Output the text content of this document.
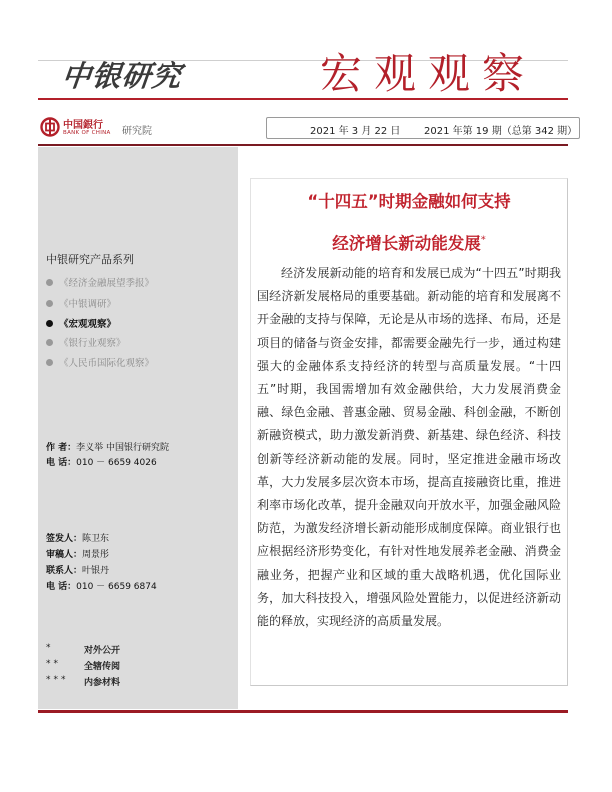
中银研究	宏观观察
中国銀行
BANK OF CHINA 研究院	2021 年 3 月 22 日 2021 年第 19 期（总第 342 期）
中银研究产品系列
《经济金融展望季报》
《中银调研》
《宏观观察》
《银行业观察》
《人民币国际化观察》
作 者：李义举 中国银行研究院
电 话：010 － 6659 4026
签发人：陈卫东
审稿人：周景彤
联系人：叶银丹
电 话：010 － 6659 6874
*	对外公开
**	全辖传阅
*** 内参材料
“十四五”时期金融如何支持
经济增长新动能发展*
经济发展新动能的培育和发展已成为“十四五”时期我国经济新发展格局的重要基础。新动能的培育和发展离不开金融的支持与保障，无论是从市场的选择、布局，还是项目的储备与资金安排，都需要金融先行一步，通过构建强大的金融体系支持经济的转型与高质量发展。“十四五”时期，我国需增加有效金融供给，大力发展消费金融、绿色金融、普惠金融、贸易金融、科创金融，不断创新融资模式，助力激发新消费、新基建、绿色经济、科技创新等经济新动能的发展。同时，坚定推进金融市场改革，大力发展多层次资本市场，提高直接融资比重，推进利率市场化改革，提升金融双向开放水平，加强金融风险防范，为激发经济增长新动能形成制度保障。商业银行也应根据经济形势变化，有针对性地发展养老金融、消费金融业务，把握产业和区域的重大战略机遇，优化国际业务，加大科技投入，增强风险处置能力，以促进经济新动能的释放，实现经济的高质量发展。
